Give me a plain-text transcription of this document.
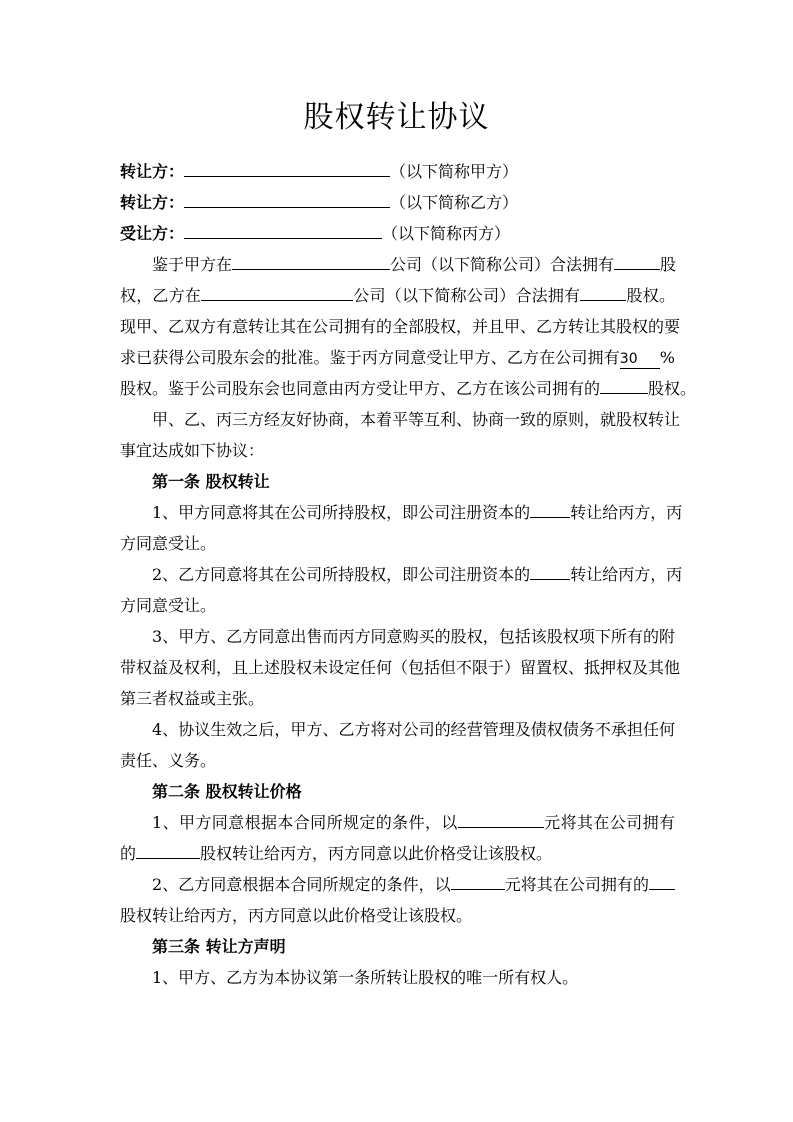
股权转让协议
转让方：	（以下简称甲方）
转让方：	（以下简称乙方）
受让方：	（以下简称丙方）
鉴于甲方在	公司（以下简称公司）合法拥有	股
权，乙方在	公司（以下简称公司）合法拥有	股权。
现甲、乙双方有意转让其在公司拥有的全部股权，并且甲、乙方转让其股权的要
求已获得公司股东会的批准。鉴于丙方同意受让甲方、乙方在公司拥有30 %
股权。鉴于公司股东会也同意由丙方受让甲方、乙方在该公司拥有的	股权。
甲、乙、丙三方经友好协商，本着平等互利、协商一致的原则，就股权转让
事宜达成如下协议：
第一条 股权转让
1、甲方同意将其在公司所持股权，即公司注册资本的	转让给丙方，丙
方同意受让。
2、乙方同意将其在公司所持股权，即公司注册资本的	转让给丙方，丙
方同意受让。
3、甲方、乙方同意出售而丙方同意购买的股权，包括该股权项下所有的附
带权益及权利，且上述股权未设定任何（包括但不限于）留置权、抵押权及其他
第三者权益或主张。
4、协议生效之后，甲方、乙方将对公司的经营管理及债权债务不承担任何
责任、义务。
第二条 股权转让价格
1、甲方同意根据本合同所规定的条件，以	元将其在公司拥有
的	股权转让给丙方，丙方同意以此价格受让该股权。
2、乙方同意根据本合同所规定的条件，以	元将其在公司拥有的
股权转让给丙方，丙方同意以此价格受让该股权。
第三条 转让方声明
1、甲方、乙方为本协议第一条所转让股权的唯一所有权人。
